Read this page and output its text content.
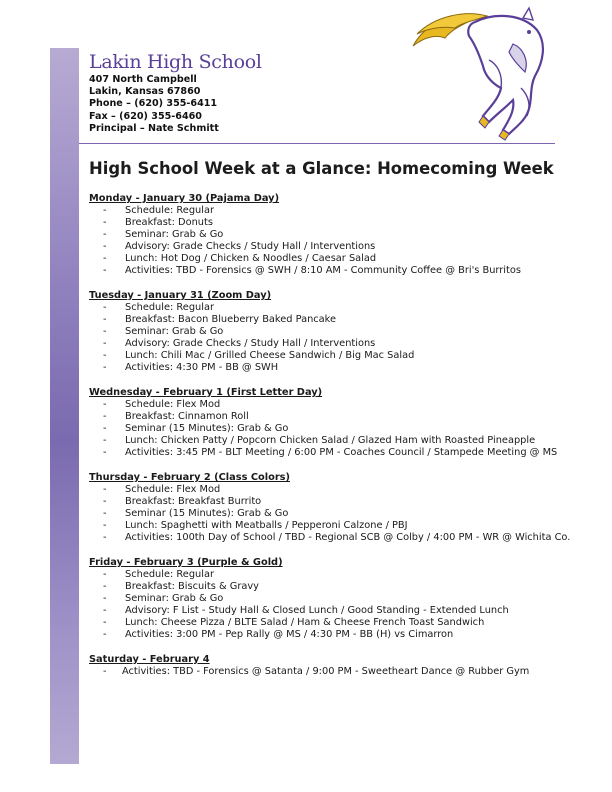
Lakin High School
407 North Campbell
Lakin, Kansas 67860
Phone – (620) 355-6411
Fax – (620) 355-6460
Principal – Nate Schmitt
High School Week at a Glance: Homecoming Week
Monday - January 30 (Pajama Day)
-	Schedule: Regular
-	Breakfast: Donuts
-	Seminar: Grab & Go
-	Advisory: Grade Checks / Study Hall / Interventions
-	Lunch: Hot Dog / Chicken & Noodles / Caesar Salad
-	Activities: TBD - Forensics @ SWH / 8:10 AM - Community Coffee @ Bri's Burritos
Tuesday - January 31 (Zoom Day)
-	Schedule: Regular
-	Breakfast: Bacon Blueberry Baked Pancake
-	Seminar: Grab & Go
-	Advisory: Grade Checks / Study Hall / Interventions
-	Lunch: Chili Mac / Grilled Cheese Sandwich / Big Mac Salad
-	Activities: 4:30 PM - BB @ SWH
Wednesday - February 1 (First Letter Day)
-	Schedule: Flex Mod
-	Breakfast: Cinnamon Roll
-	Seminar (15 Minutes): Grab & Go
-	Lunch: Chicken Patty / Popcorn Chicken Salad / Glazed Ham with Roasted Pineapple
-	Activities: 3:45 PM - BLT Meeting / 6:00 PM - Coaches Council / Stampede Meeting @ MS
Thursday - February 2 (Class Colors)
-	Schedule: Flex Mod
-	Breakfast: Breakfast Burrito
-	Seminar (15 Minutes): Grab & Go
-	Lunch: Spaghetti with Meatballs / Pepperoni Calzone / PBJ
-	Activities: 100th Day of School / TBD - Regional SCB @ Colby / 4:00 PM - WR @ Wichita Co.
Friday - February 3 (Purple & Gold)
-	Schedule: Regular
-	Breakfast: Biscuits & Gravy
-	Seminar: Grab & Go
-	Advisory: F List - Study Hall & Closed Lunch / Good Standing - Extended Lunch
-	Lunch: Cheese Pizza / BLTE Salad / Ham & Cheese French Toast Sandwich
-	Activities: 3:00 PM - Pep Rally @ MS / 4:30 PM - BB (H) vs Cimarron
Saturday - February 4
-	Activities: TBD - Forensics @ Satanta / 9:00 PM - Sweetheart Dance @ Rubber Gym
